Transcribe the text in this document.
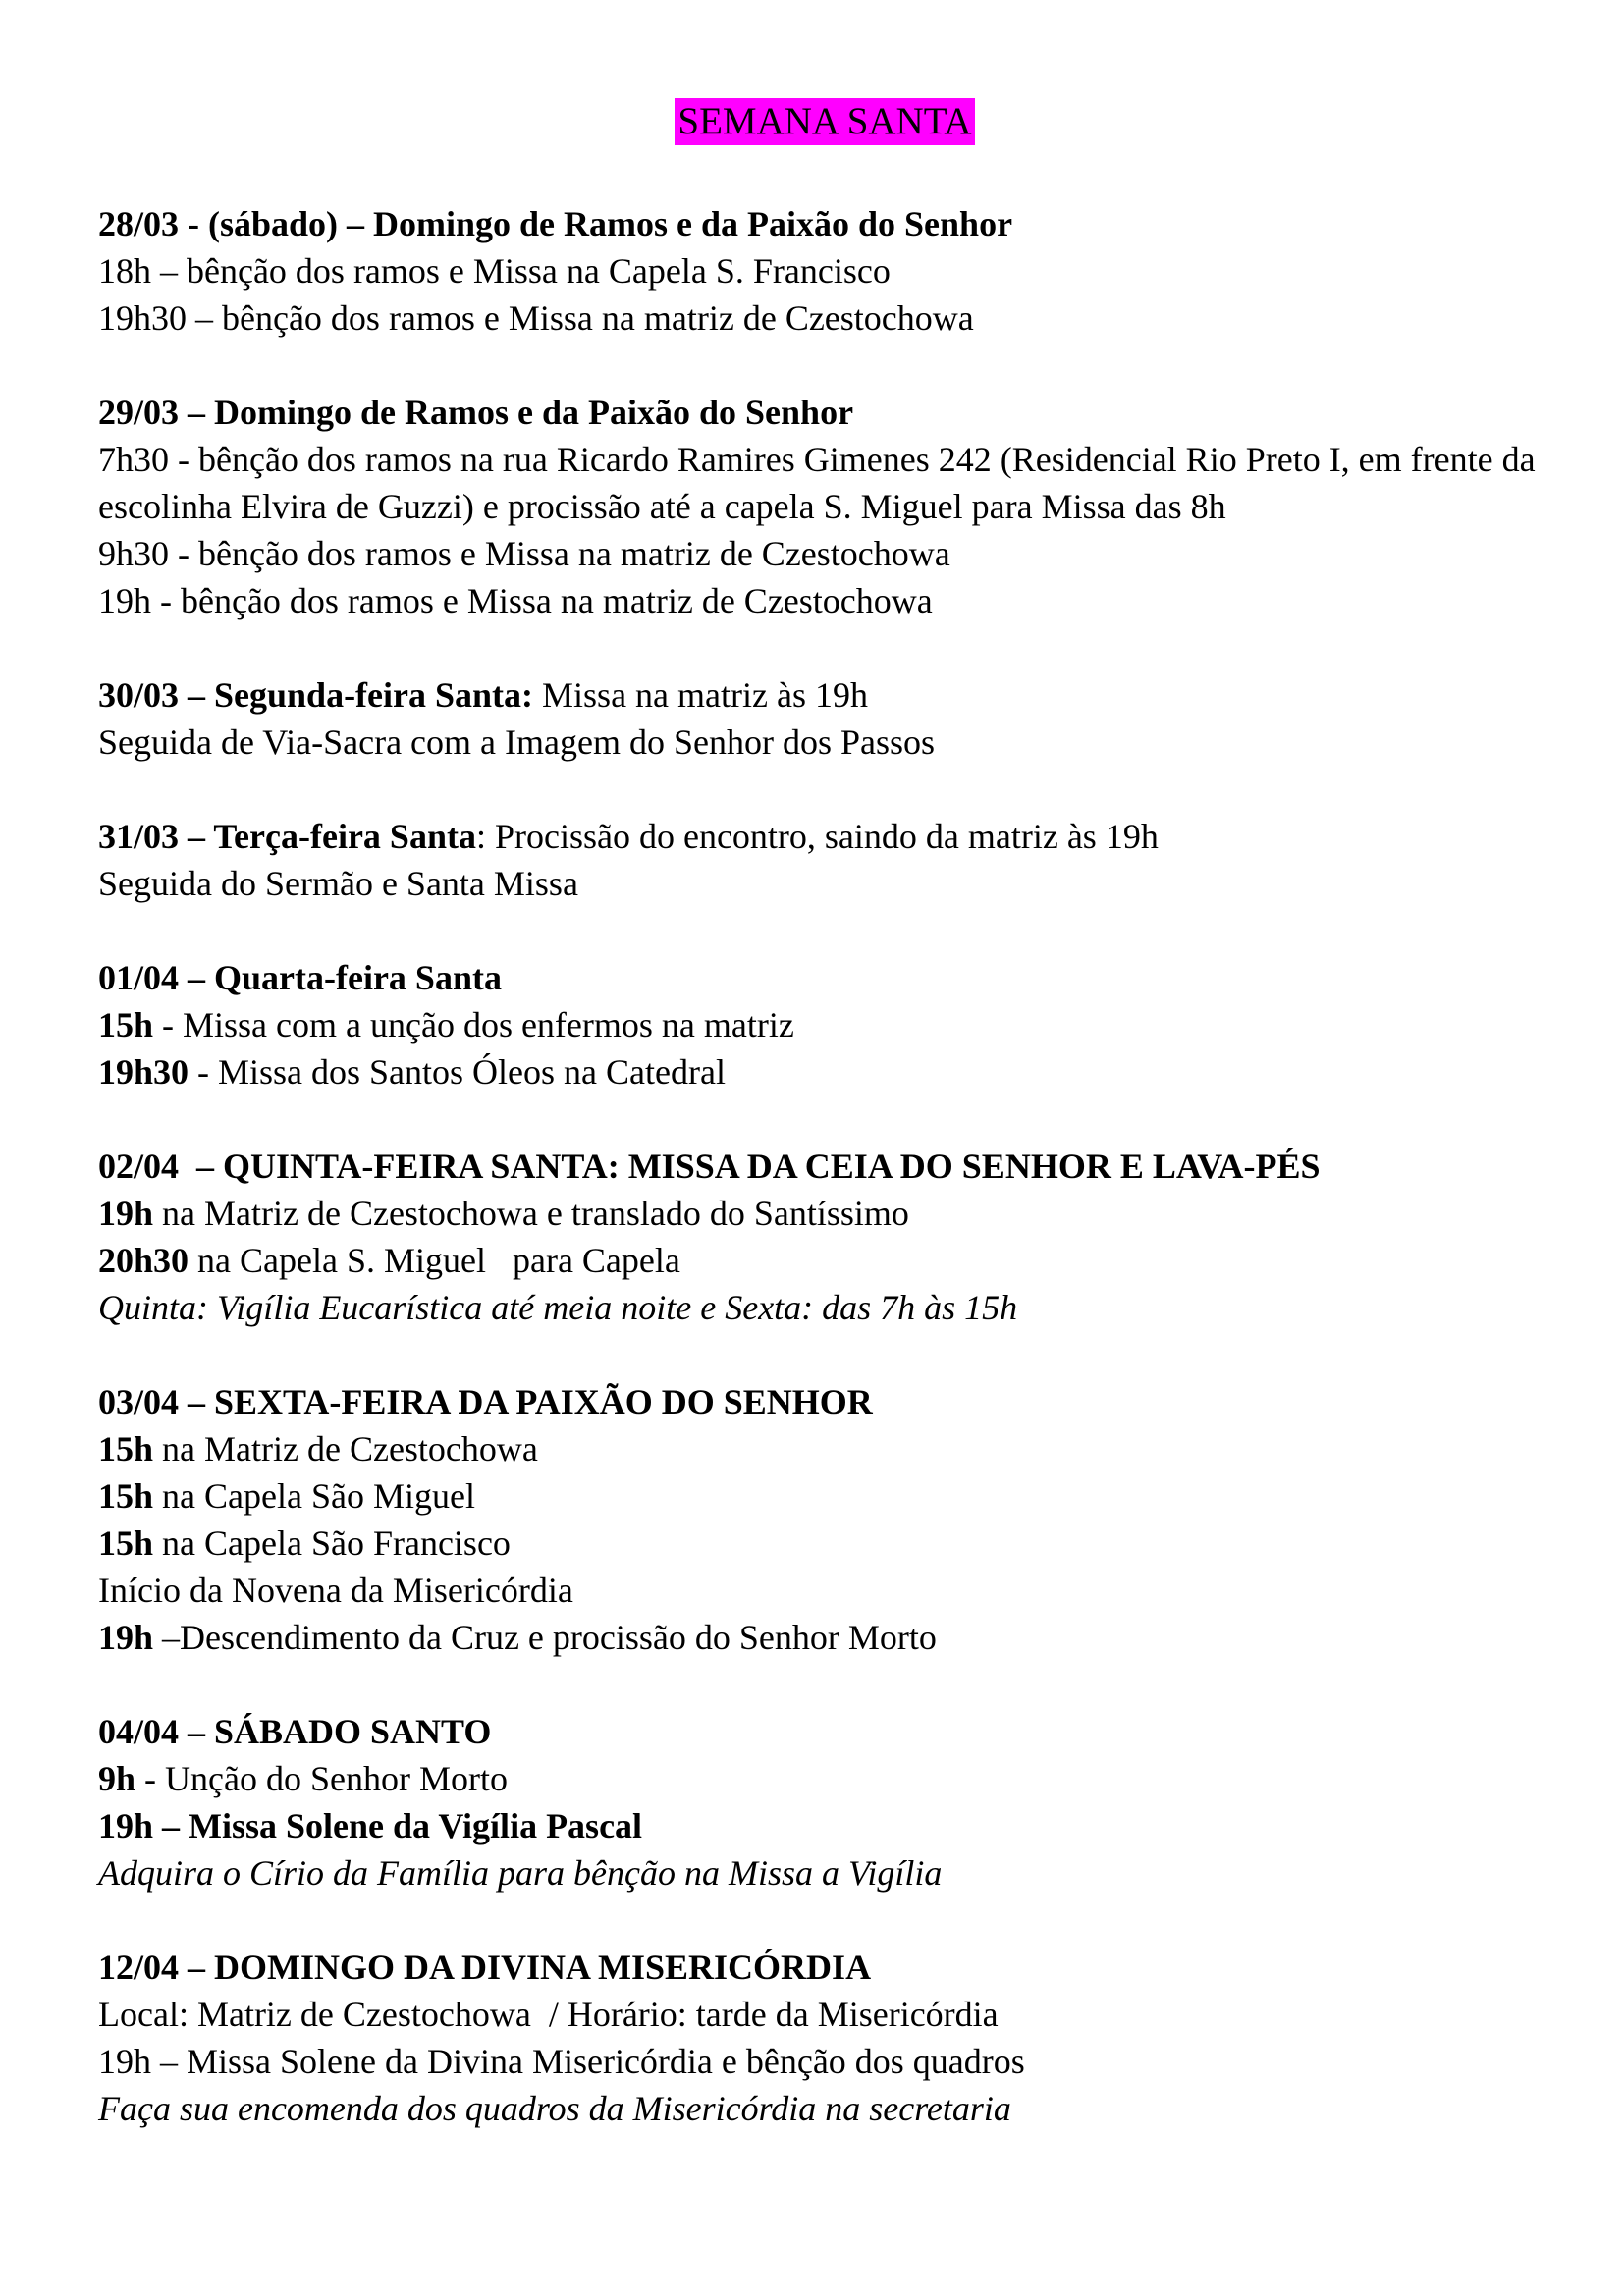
SEMANA SANTA
28/03 - (sábado) – Domingo de Ramos e da Paixão do Senhor
18h – bênção dos ramos e Missa na Capela S. Francisco
19h30 – bênção dos ramos e Missa na matriz de Czestochowa
29/03 – Domingo de Ramos e da Paixão do Senhor
7h30 - bênção dos ramos na rua Ricardo Ramires Gimenes 242 (Residencial Rio Preto I, em frente da escolinha Elvira de Guzzi) e procissão até a capela S. Miguel para Missa das 8h
9h30 - bênção dos ramos e Missa na matriz de Czestochowa
19h - bênção dos ramos e Missa na matriz de Czestochowa
30/03 – Segunda-feira Santa: Missa na matriz às 19h
Seguida de Via-Sacra com a Imagem do Senhor dos Passos
31/03 – Terça-feira Santa: Procissão do encontro, saindo da matriz às 19h
Seguida do Sermão e Santa Missa
01/04 – Quarta-feira Santa
15h - Missa com a unção dos enfermos na matriz
19h30 - Missa dos Santos Óleos na Catedral
02/04  – QUINTA-FEIRA SANTA: MISSA DA CEIA DO SENHOR E LAVA-PÉS
19h na Matriz de Czestochowa e translado do Santíssimo
20h30 na Capela S. Miguel   para Capela
Quinta: Vigília Eucarística até meia noite e Sexta: das 7h às 15h
03/04 – SEXTA-FEIRA DA PAIXÃO DO SENHOR
15h na Matriz de Czestochowa
15h na Capela São Miguel
15h na Capela São Francisco
Início da Novena da Misericórdia
19h –Descendimento da Cruz e procissão do Senhor Morto
04/04 – SÁBADO SANTO
9h - Unção do Senhor Morto
19h – Missa Solene da Vigília Pascal
Adquira o Círio da Família para bênção na Missa a Vigília
12/04 – DOMINGO DA DIVINA MISERICÓRDIA
Local: Matriz de Czestochowa  / Horário: tarde da Misericórdia
19h – Missa Solene da Divina Misericórdia e bênção dos quadros
Faça sua encomenda dos quadros da Misericórdia na secretaria
